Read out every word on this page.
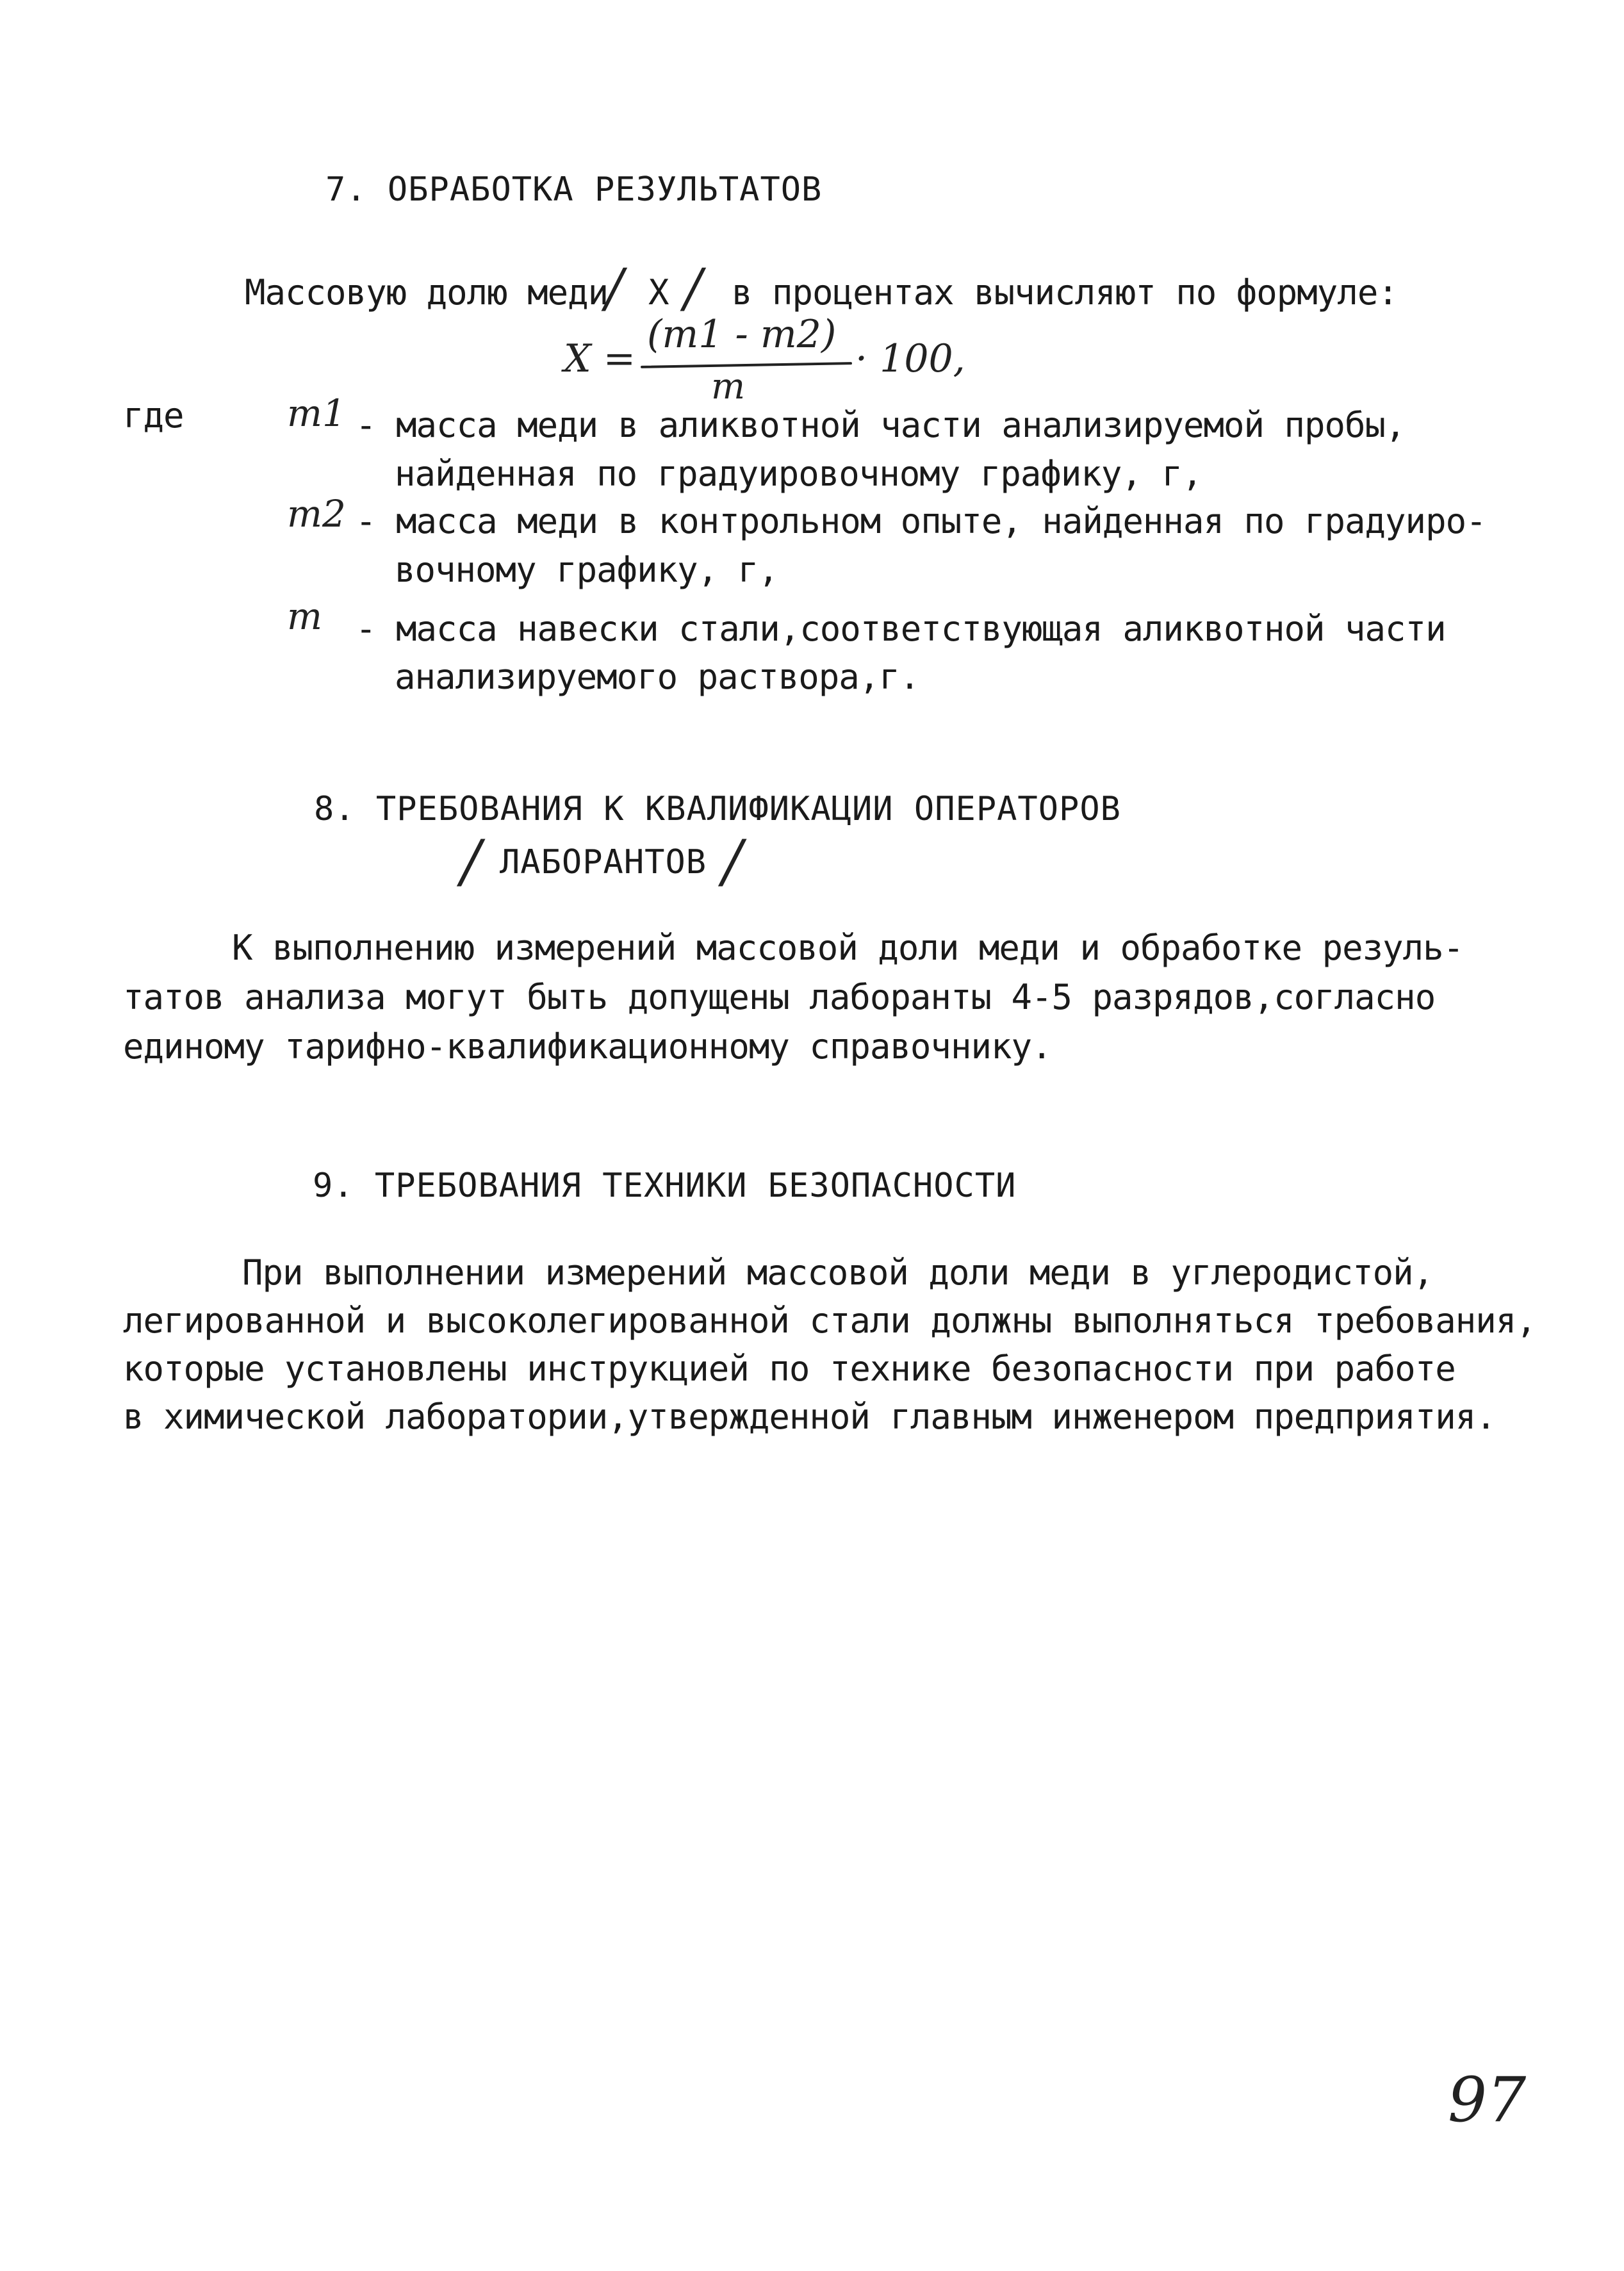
7. ОБРАБОТКА РЕЗУЛЬТАТОВ
Массовую долю меди
/ X / в процентах вычисляют по формуле:
X =
(m1 - m2)
· 100,
m
где	m1 - масса меди в аликвотной части анализируемой пробы,
найденная по градуировочному графику, г,
m2 - масса меди в контрольном опыте, найденная по градуиро-
вочному графику, г,
m - масса навески стали,соответствующая аликвотной части
анализируемого раствора,г.
8. ТРЕБОВАНИЯ К КВАЛИФИКАЦИИ ОПЕРАТОРОВ
/ ЛАБОРАНТОВ /
К выполнению измерений массовой доли меди и обработке резуль-
татов анализа могут быть допущены лаборанты 4-5 разрядов,согласно
единому тарифно-квалификационному справочнику.
9. ТРЕБОВАНИЯ ТЕХНИКИ БЕЗОПАСНОСТИ
При выполнении измерений массовой доли меди в углеродистой,
легированной и высоколегированной стали должны выполняться требования,
которые установлены инструкцией по технике безопасности при работе
в химической лаборатории,утвержденной главным инженером предприятия.
97
